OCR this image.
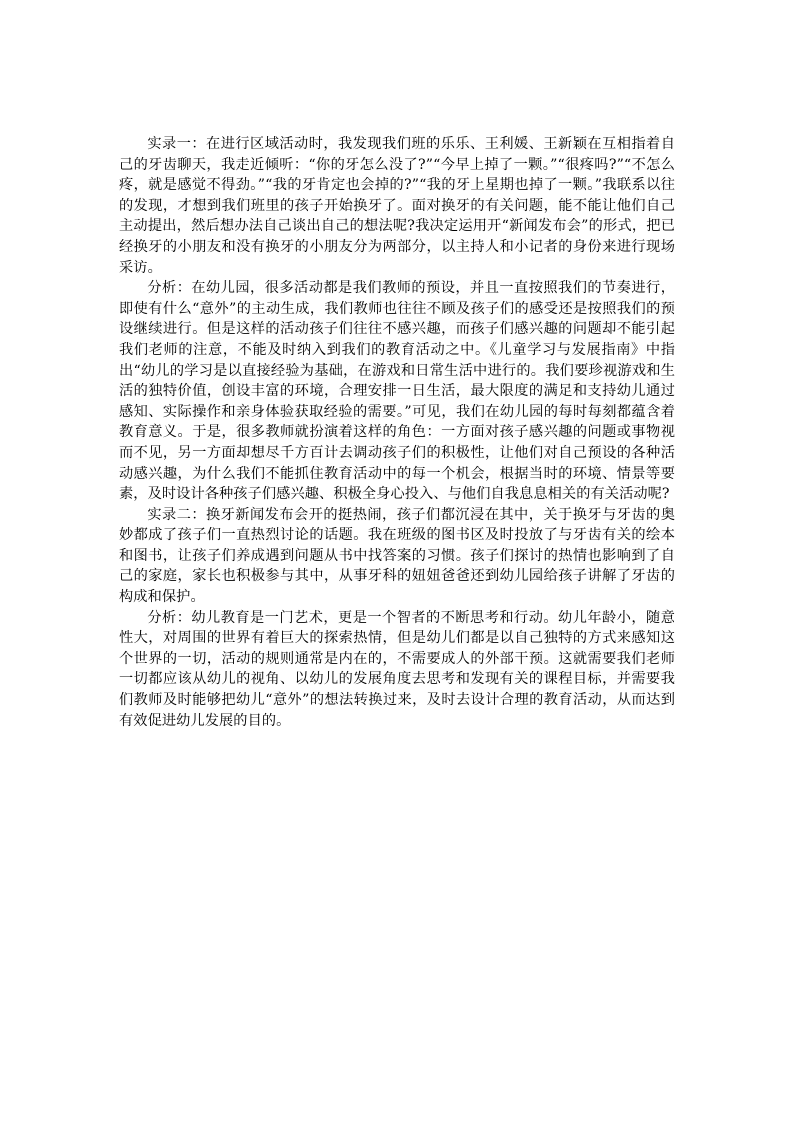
实录一：在进行区域活动时，我发现我们班的乐乐、王利媛、王新颖在互相指着自己的牙齿聊天，我走近倾听：“你的牙怎么没了?”“今早上掉了一颗。”“很疼吗?”“不怎么疼，就是感觉不得劲。”“我的牙肯定也会掉的?”“我的牙上星期也掉了一颗。”我联系以往的发现，才想到我们班里的孩子开始换牙了。面对换牙的有关问题，能不能让他们自己主动提出，然后想办法自己谈出自己的想法呢?我决定运用开“新闻发布会”的形式，把已经换牙的小朋友和没有换牙的小朋友分为两部分，以主持人和小记者的身份来进行现场采访。

分析：在幼儿园，很多活动都是我们教师的预设，并且一直按照我们的节奏进行，即使有什么“意外”的主动生成，我们教师也往往不顾及孩子们的感受还是按照我们的预设继续进行。但是这样的活动孩子们往往不感兴趣，而孩子们感兴趣的问题却不能引起我们老师的注意，不能及时纳入到我们的教育活动之中。《儿童学习与发展指南》中指出“幼儿的学习是以直接经验为基础，在游戏和日常生活中进行的。我们要珍视游戏和生活的独特价值，创设丰富的环境，合理安排一日生活，最大限度的满足和支持幼儿通过感知、实际操作和亲身体验获取经验的需要。”可见，我们在幼儿园的每时每刻都蕴含着教育意义。于是，很多教师就扮演着这样的角色：一方面对孩子感兴趣的问题或事物视而不见，另一方面却想尽千方百计去调动孩子们的积极性，让他们对自己预设的各种活动感兴趣，为什么我们不能抓住教育活动中的每一个机会，根据当时的环境、情景等要素，及时设计各种孩子们感兴趣、积极全身心投入、与他们自我息息相关的有关活动呢?

实录二：换牙新闻发布会开的挺热闹，孩子们都沉浸在其中，关于换牙与牙齿的奥妙都成了孩子们一直热烈讨论的话题。我在班级的图书区及时投放了与牙齿有关的绘本和图书，让孩子们养成遇到问题从书中找答案的习惯。孩子们探讨的热情也影响到了自己的家庭，家长也积极参与其中，从事牙科的妞妞爸爸还到幼儿园给孩子讲解了牙齿的构成和保护。

分析：幼儿教育是一门艺术，更是一个智者的不断思考和行动。幼儿年龄小，随意性大，对周围的世界有着巨大的探索热情，但是幼儿们都是以自己独特的方式来感知这个世界的一切，活动的规则通常是内在的，不需要成人的外部干预。这就需要我们老师一切都应该从幼儿的视角、以幼儿的发展角度去思考和发现有关的课程目标，并需要我们教师及时能够把幼儿“意外”的想法转换过来，及时去设计合理的教育活动，从而达到有效促进幼儿发展的目的。
